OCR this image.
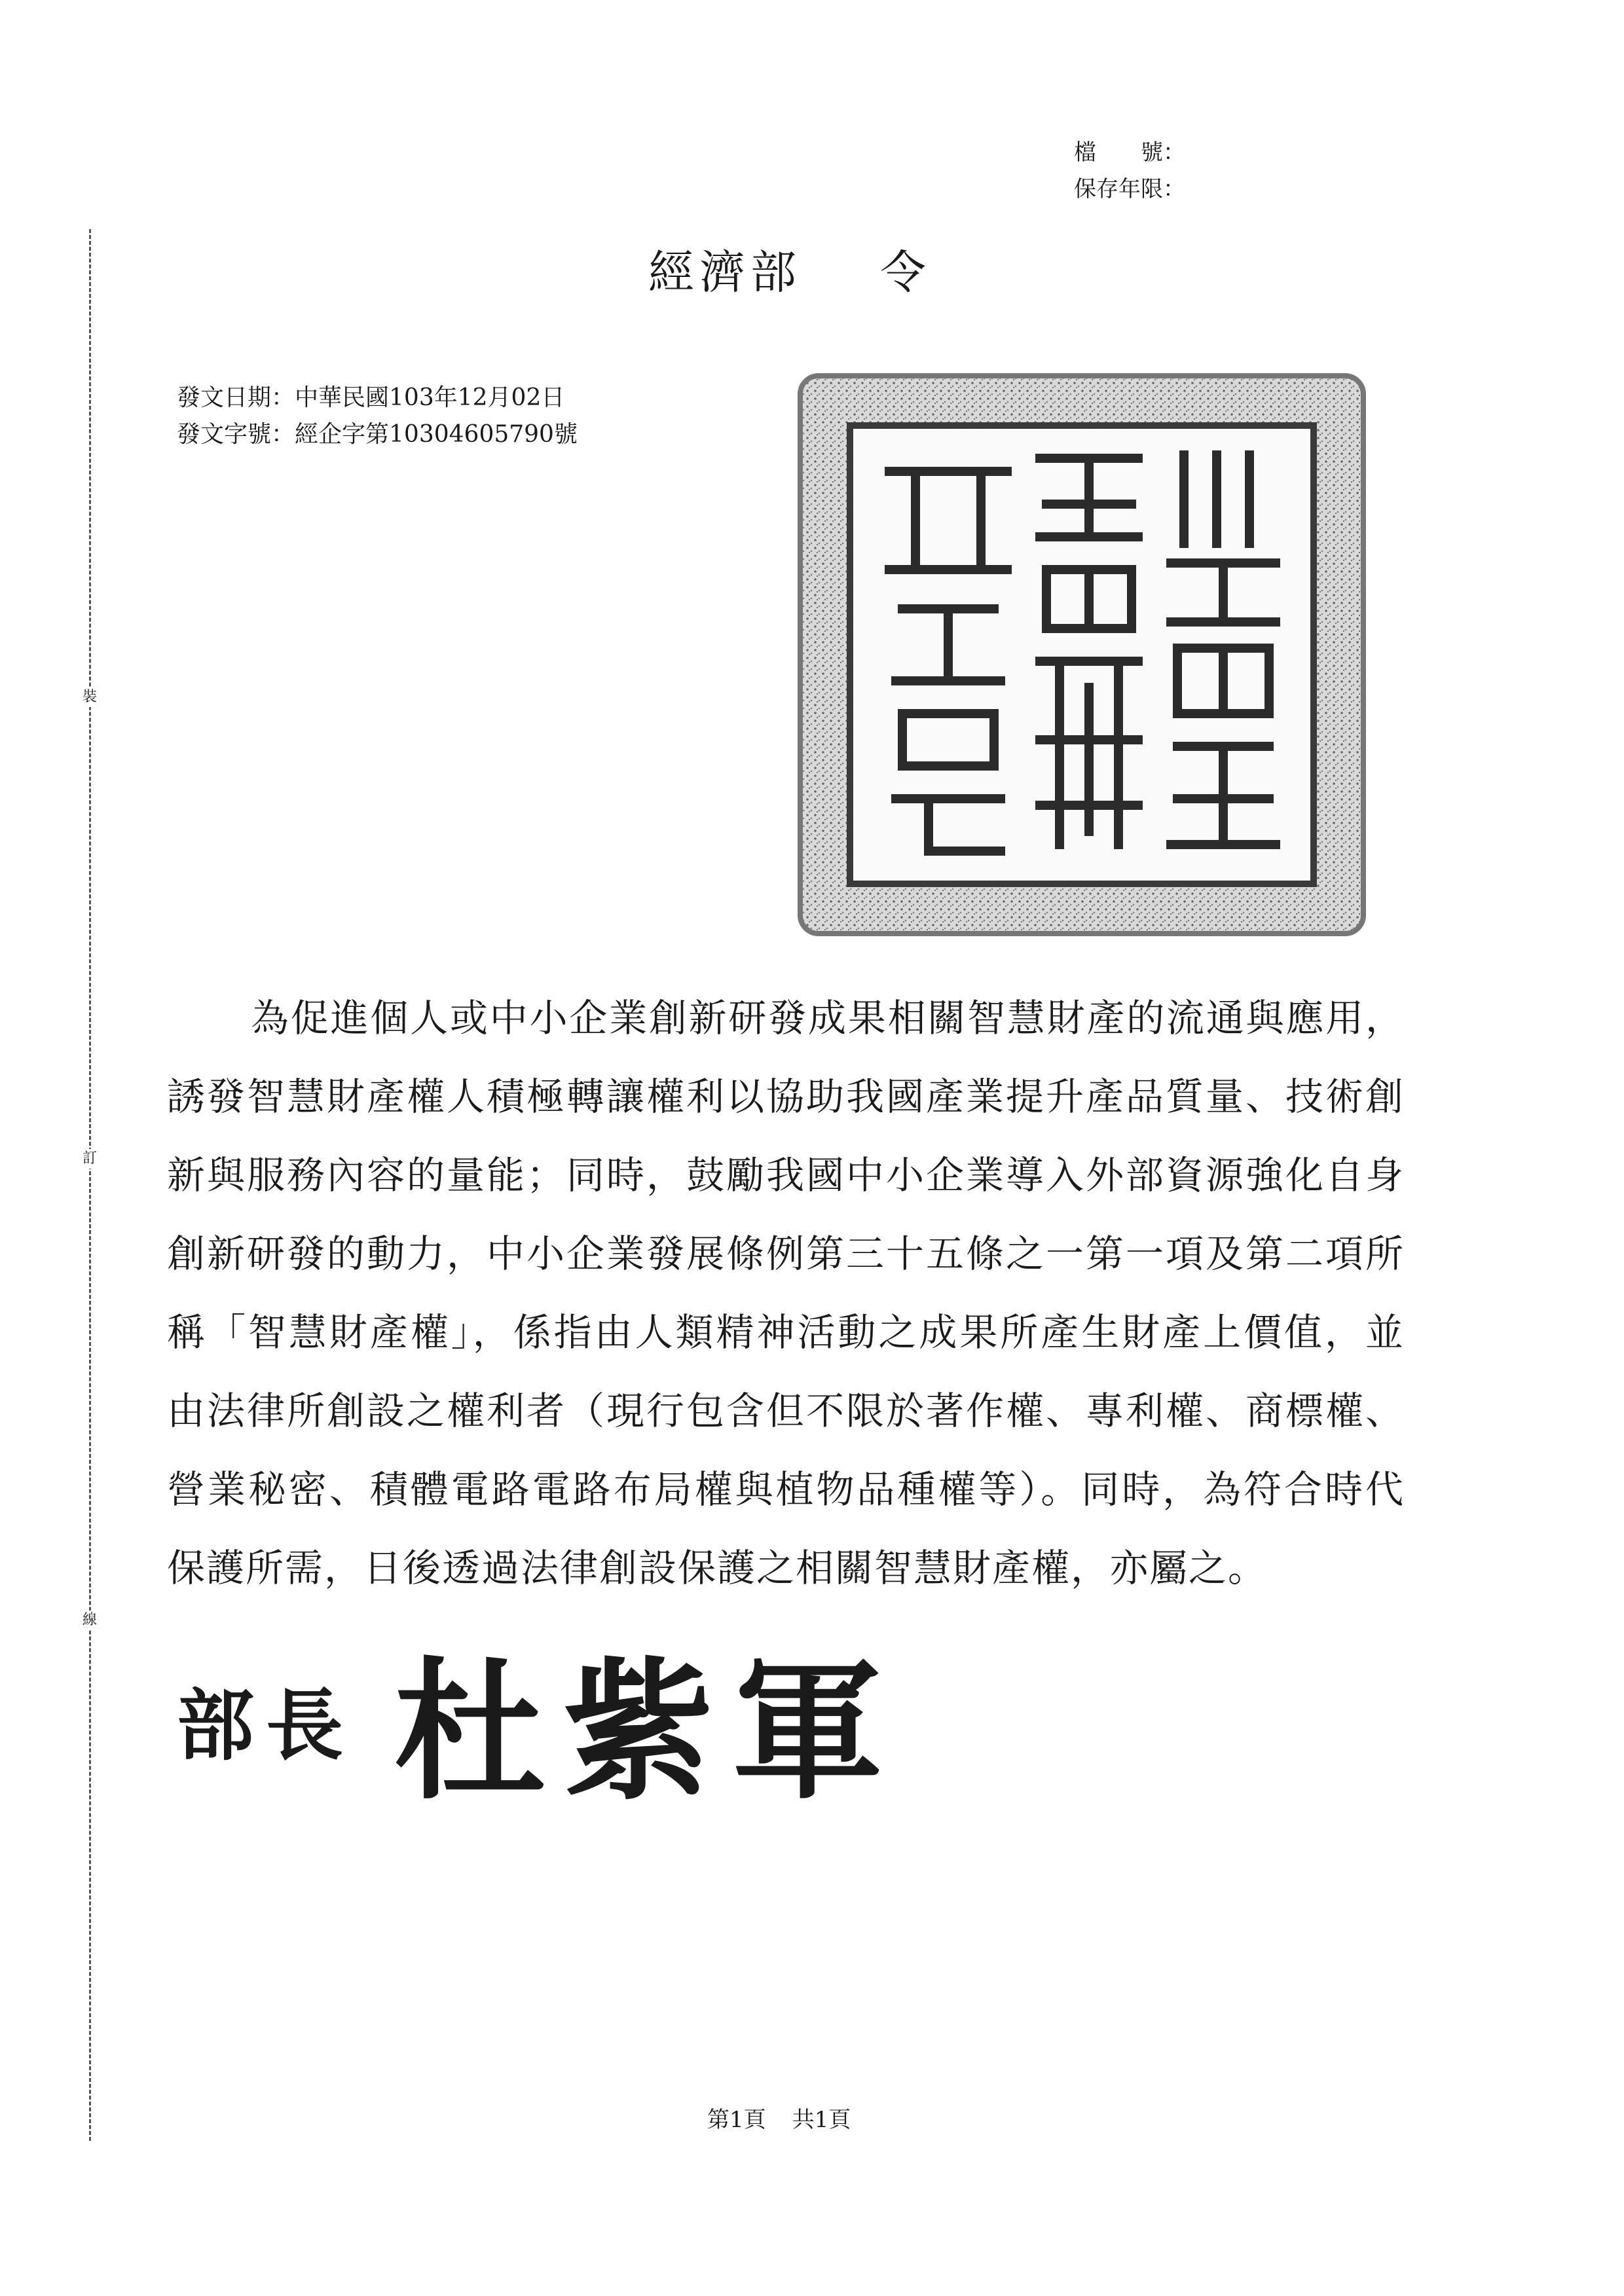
裝
訂
線
檔　　號：
保存年限：
經濟部 令
發文日期：中華民國103年12月02日
發文字號：經企字第10304605790號
為促進個人或中小企業創新研發成果相關智慧財產的流通與應用，誘發智慧財產權人積極轉讓權利以協助我國產業提升產品質量、技術創新與服務內容的量能；同時，鼓勵我國中小企業導入外部資源強化自身創新研發的動力，中小企業發展條例第三十五條之一第一項及第二項所稱「智慧財產權」，係指由人類精神活動之成果所產生財產上價值，並由法律所創設之權利者（現行包含但不限於著作權、專利權、商標權、營業秘密、積體電路電路布局權與植物品種權等）。同時，為符合時代保護所需，日後透過法律創設保護之相關智慧財產權，亦屬之。
部長 杜紫軍
第1頁 共1頁
